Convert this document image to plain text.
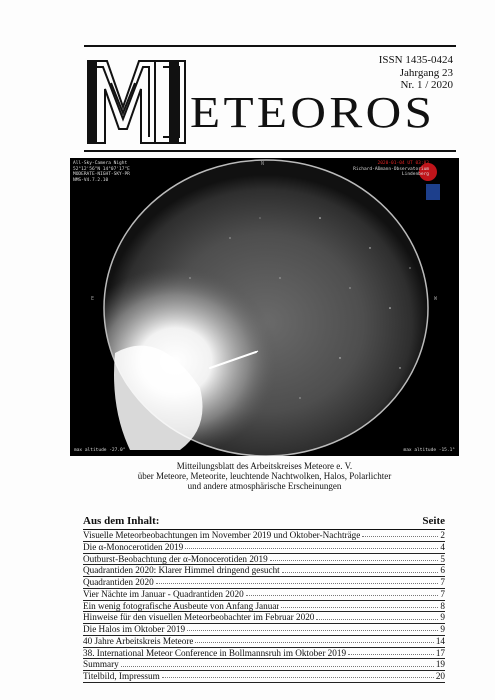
ISSN 1435-0424
Jahrgang 23
Nr. 1 / 2020
ETEOROS
All-Sky-Camera Night
52°12'56"N 14°07'17"E
MODERATE-NIGHT-SKY-PR
NMS-V4.7.2.10
2020-01-04 UT 03:03
Richard-Aßmann-Observatorium
Lindenberg
N
E	W
max altitude -27.0°	max altitude -15.1°
Mitteilungsblatt des Arbeitskreises Meteore e. V.
über Meteore, Meteorite, leuchtende Nachtwolken, Halos, Polarlichter
und andere atmosphärische Erscheinungen
Aus dem Inhalt:	Seite
Visuelle Meteorbeobachtungen im November 2019 und Oktober-Nachträge	2
Die α-Monocerotiden 2019	4
Outburst-Beobachtung der α-Monocerotiden 2019	5
Quadrantiden 2020: Klarer Himmel dringend gesucht	6
Quadrantiden 2020	7
Vier Nächte im Januar - Quadrantiden 2020	7
Ein wenig fotografische Ausbeute von Anfang Januar	8
Hinweise für den visuellen Meteorbeobachter im Februar 2020	9
Die Halos im Oktober 2019	9
40 Jahre Arbeitskreis Meteore	14
38. International Meteor Conference in Bollmannsruh im Oktober 2019	17
Summary	19
Titelbild, Impressum	20
